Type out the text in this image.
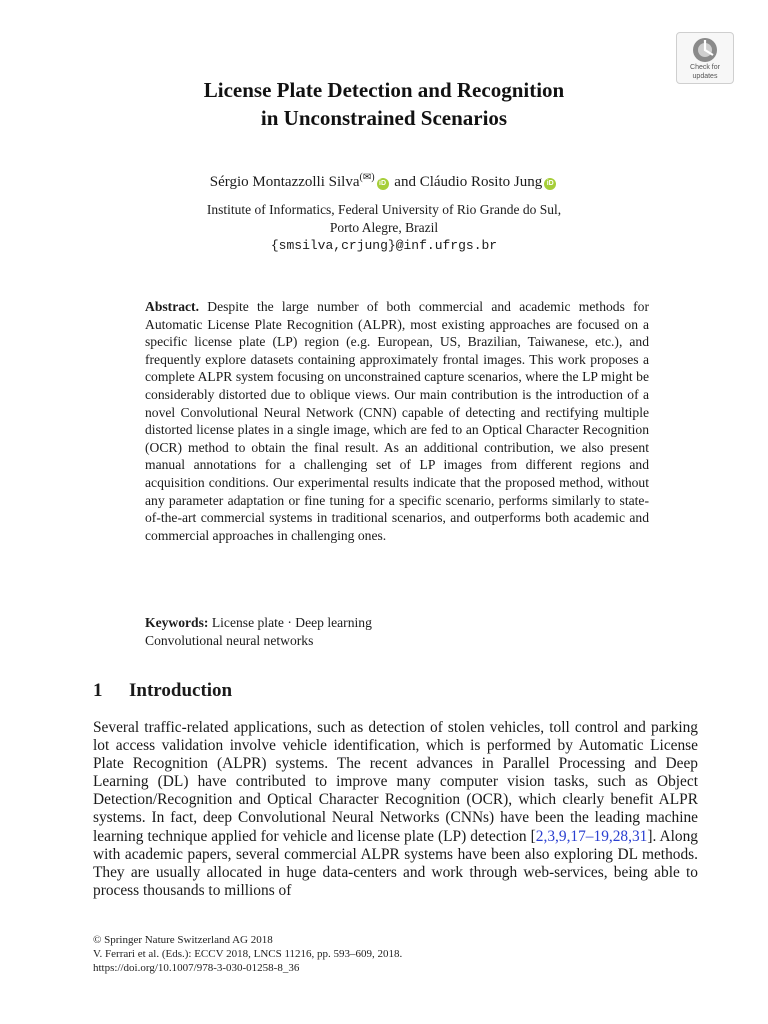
Check for
updates
License Plate Detection and Recognition
in Unconstrained Scenarios
Sérgio Montazzolli Silva(✉)iD and Cláudio Rosito Jung iD
Institute of Informatics, Federal University of Rio Grande do Sul,
Porto Alegre, Brazil
{smsilva,crjung}@inf.ufrgs.br
Abstract. Despite the large number of both commercial and academic methods for Automatic License Plate Recognition (ALPR), most existing approaches are focused on a specific license plate (LP) region (e.g. European, US, Brazilian, Taiwanese, etc.), and frequently explore datasets containing approximately frontal images. This work proposes a complete ALPR system focusing on unconstrained capture scenarios, where the LP might be considerably distorted due to oblique views. Our main contribution is the introduction of a novel Convolutional Neural Network (CNN) capable of detecting and rectifying multiple distorted license plates in a single image, which are fed to an Optical Character Recognition (OCR) method to obtain the final result. As an additional contribution, we also present manual annotations for a challenging set of LP images from different regions and acquisition conditions. Our experimental results indicate that the proposed method, without any parameter adaptation or fine tuning for a specific scenario, performs similarly to state-of-the-art commercial systems in traditional scenarios, and outperforms both academic and commercial approaches in challenging ones.
Keywords: License plate · Deep learning
Convolutional neural networks
1 Introduction
Several traffic-related applications, such as detection of stolen vehicles, toll control and parking lot access validation involve vehicle identification, which is performed by Automatic License Plate Recognition (ALPR) systems. The recent advances in Parallel Processing and Deep Learning (DL) have contributed to improve many computer vision tasks, such as Object Detection/Recognition and Optical Character Recognition (OCR), which clearly benefit ALPR systems. In fact, deep Convolutional Neural Networks (CNNs) have been the leading machine learning technique applied for vehicle and license plate (LP) detection [2,3,9,17–19,28,31]. Along with academic papers, several commercial ALPR systems have been also exploring DL methods. They are usually allocated in huge data-centers and work through web-services, being able to process thousands to millions of
© Springer Nature Switzerland AG 2018
V. Ferrari et al. (Eds.): ECCV 2018, LNCS 11216, pp. 593–609, 2018.
https://doi.org/10.1007/978-3-030-01258-8_36
